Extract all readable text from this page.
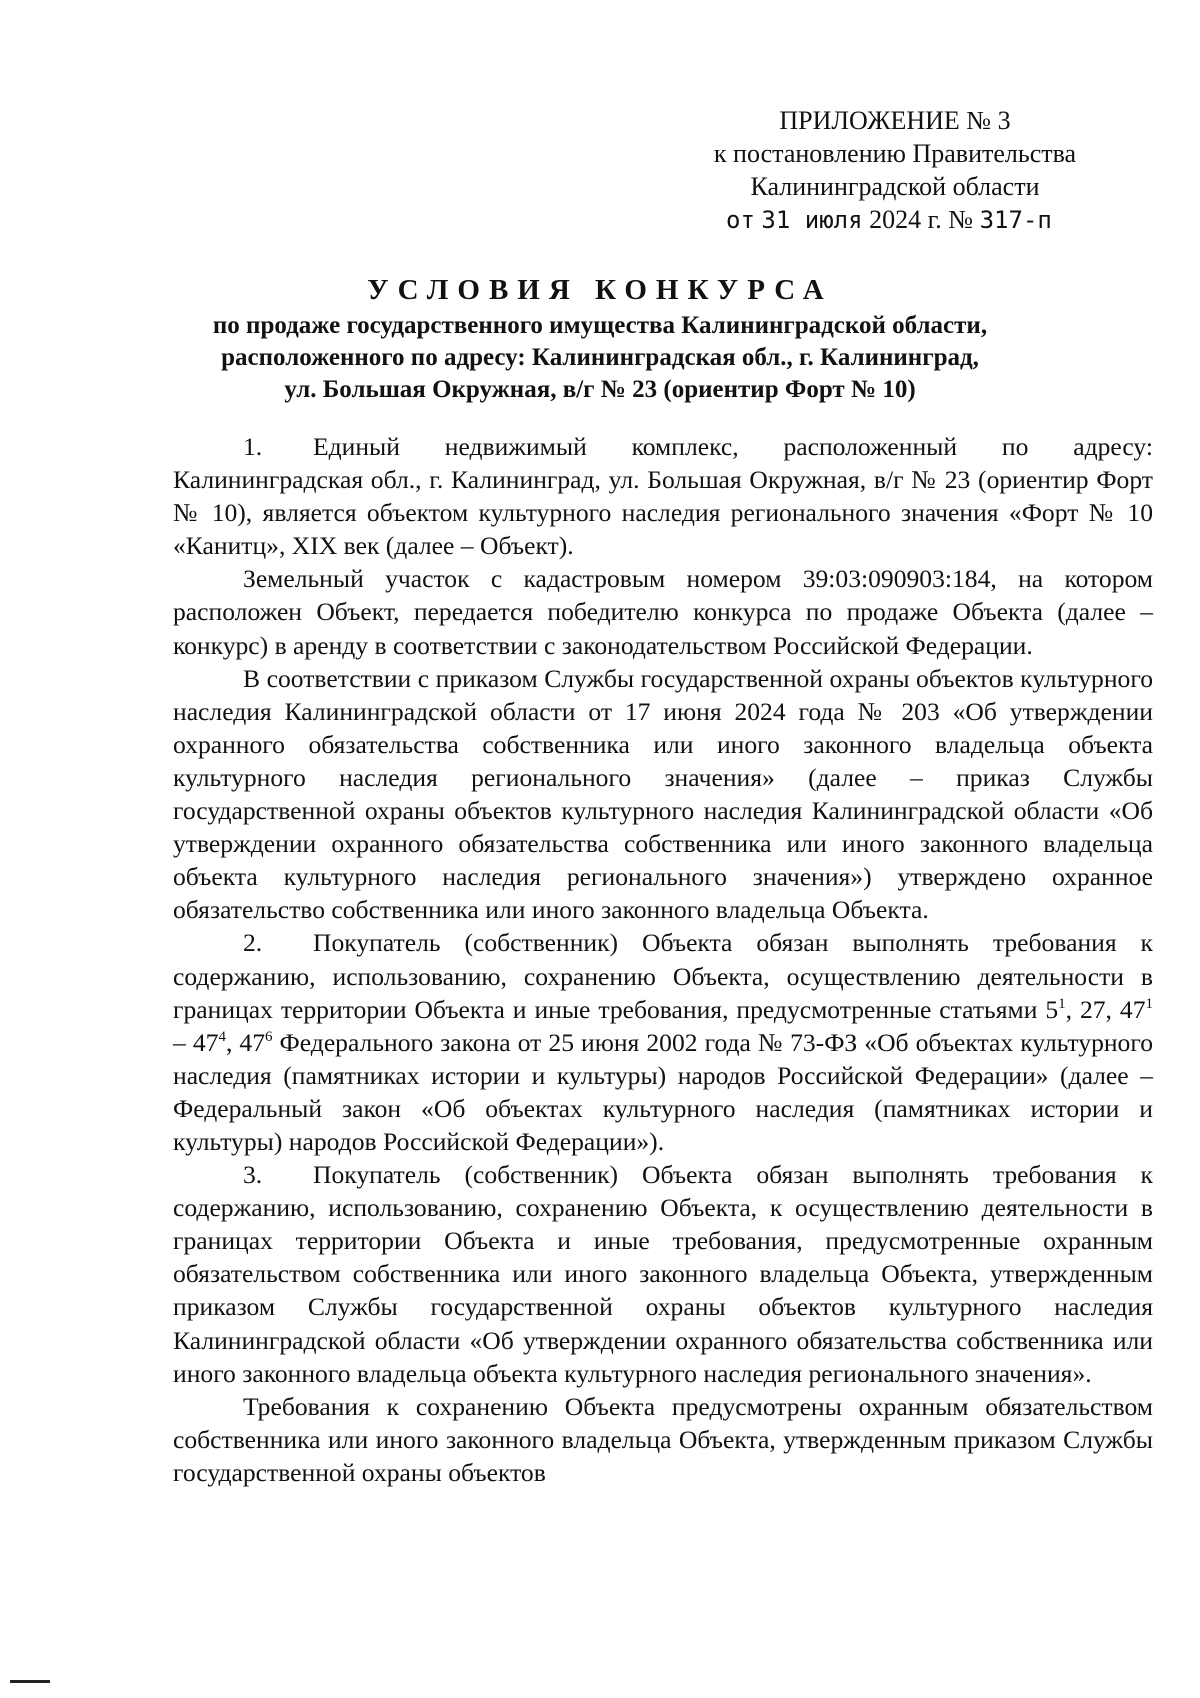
ПРИЛОЖЕНИЕ № 3
к постановлению Правительства
Калининградской области
от 31 июля 2024 г. № 317-п
УСЛОВИЯ КОНКУРСА
по продаже государственного имущества Калининградской области,
расположенного по адресу: Калининградская обл., г. Калининград,
ул. Большая Окружная, в/г № 23 (ориентир Форт № 10)

1. Единый недвижимый комплекс, расположенный по адресу: Калининградская обл., г. Калининград, ул. Большая Окружная, в/г № 23 (ориентир Форт № 10), является объектом культурного наследия регионального значения «Форт № 10 «Канитц», XIX век (далее – Объект).

Земельный участок с кадастровым номером 39:03:090903:184, на котором расположен Объект, передается победителю конкурса по продаже Объекта (далее – конкурс) в аренду в соответствии с законодательством Российской Федерации.

В соответствии с приказом Службы государственной охраны объектов культурного наследия Калининградской области от 17 июня 2024 года № 203 «Об утверждении охранного обязательства собственника или иного законного владельца объекта культурного наследия регионального значения» (далее – приказ Службы государственной охраны объектов культурного наследия Калининградской области «Об утверждении охранного обязательства собственника или иного законного владельца объекта культурного наследия регионального значения») утверждено охранное обязательство собственника или иного законного владельца Объекта.

2. Покупатель (собственник) Объекта обязан выполнять требования к содержанию, использованию, сохранению Объекта, осуществлению деятельности в границах территории Объекта и иные требования, предусмотренные статьями $5^1$, 27, $47^1 - 47^4$, $47^6$ Федерального закона от 25 июня 2002 года № 73-ФЗ «Об объектах культурного наследия (памятниках истории и культуры) народов Российской Федерации» (далее – Федеральный закон «Об объектах культурного наследия (памятниках истории и культуры) народов Российской Федерации»).

3. Покупатель (собственник) Объекта обязан выполнять требования к содержанию, использованию, сохранению Объекта, к осуществлению деятельности в границах территории Объекта и иные требования, предусмотренные охранным обязательством собственника или иного законного владельца Объекта, утвержденным приказом Службы государственной охраны объектов культурного наследия Калининградской области «Об утверждении охранного обязательства собственника или иного законного владельца объекта культурного наследия регионального значения».

Требования к сохранению Объекта предусмотрены охранным обязательством собственника или иного законного владельца Объекта, утвержденным приказом Службы государственной охраны объектов
